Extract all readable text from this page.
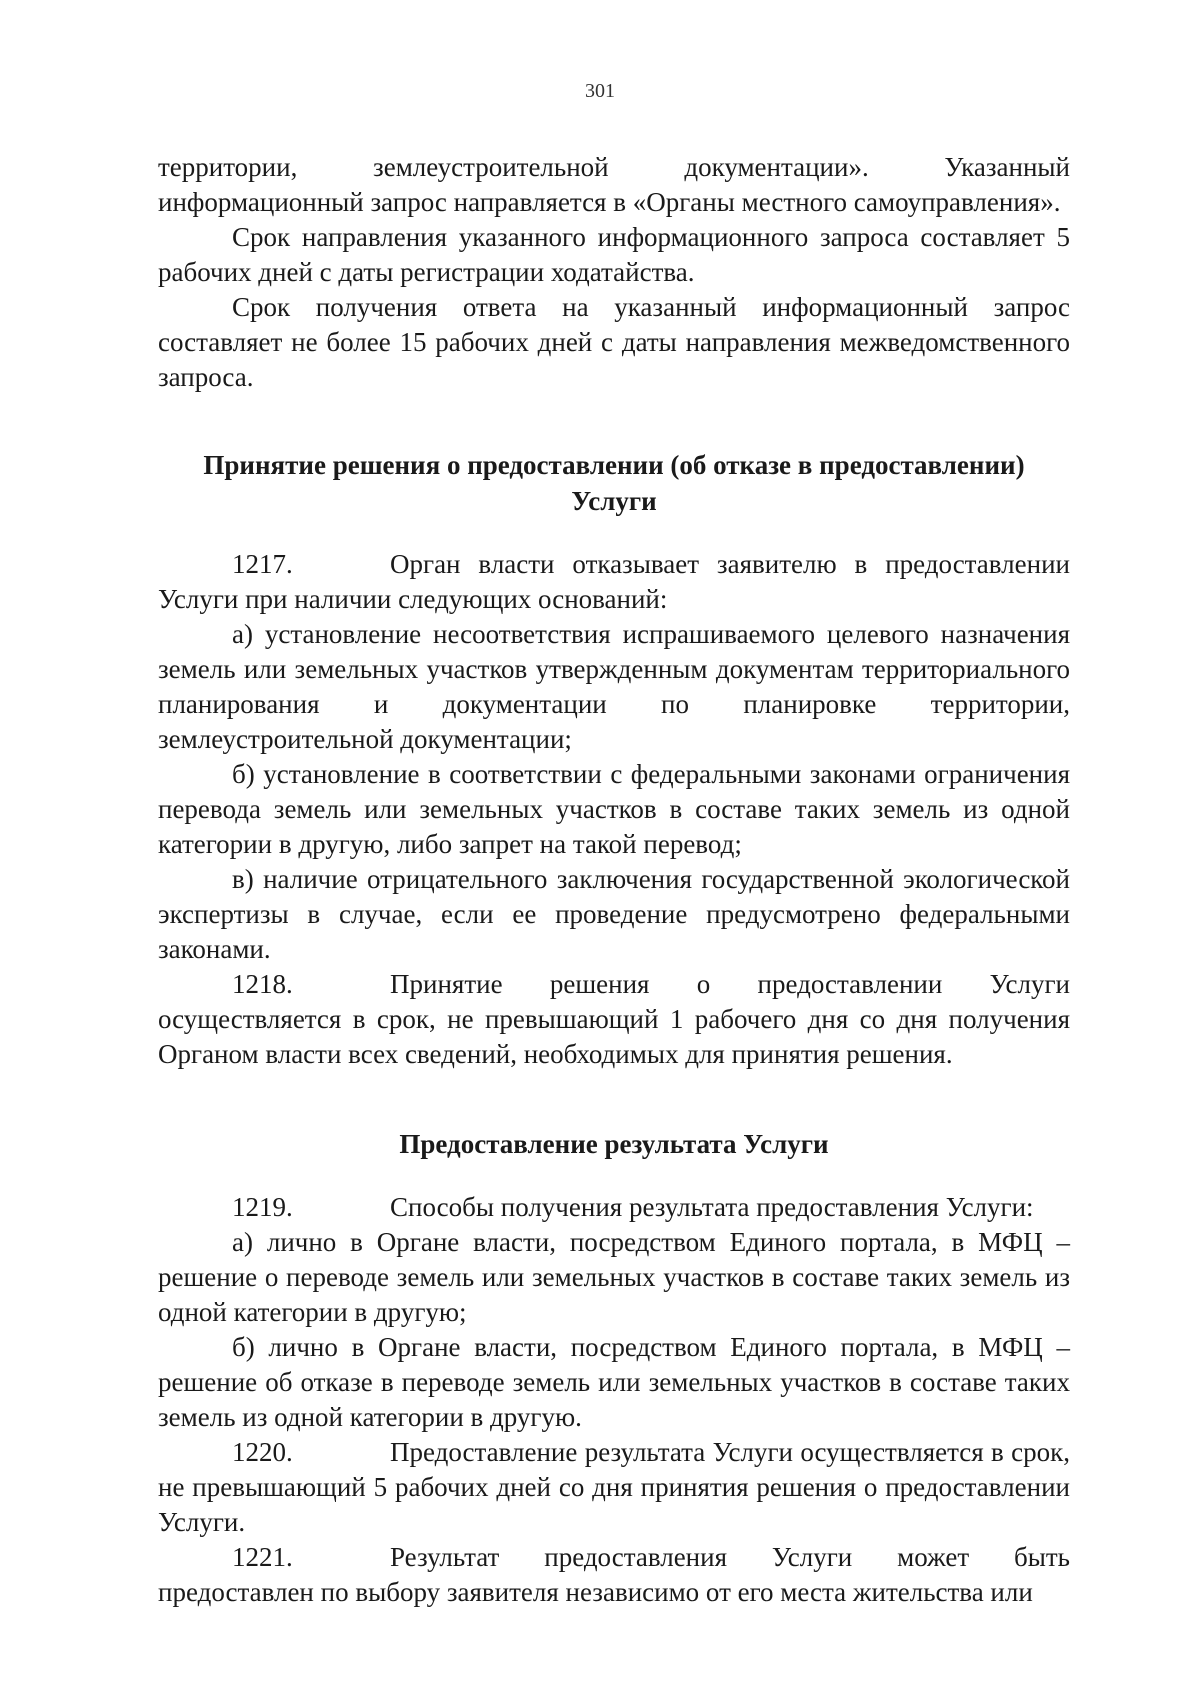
301

территории, землеустроительной документации». Указанный информационный запрос направляется в «Органы местного самоуправления».

Срок направления указанного информационного запроса составляет 5 рабочих дней с даты регистрации ходатайства.

Срок получения ответа на указанный информационный запрос составляет не более 15 рабочих дней с даты направления межведомственного запроса.

Принятие решения о предоставлении (об отказе в предоставлении) Услуги

1217.	Орган власти отказывает заявителю в предоставлении Услуги при наличии следующих оснований:

а) установление несоответствия испрашиваемого целевого назначения земель или земельных участков утвержденным документам территориального планирования и документации по планировке территории, землеустроительной документации;

б) установление в соответствии с федеральными законами ограничения перевода земель или земельных участков в составе таких земель из одной категории в другую, либо запрет на такой перевод;

в) наличие отрицательного заключения государственной экологической экспертизы в случае, если ее проведение предусмотрено федеральными законами.

1218.	Принятие решения о предоставлении Услуги осуществляется в срок, не превышающий 1 рабочего дня со дня получения Органом власти всех сведений, необходимых для принятия решения.

Предоставление результата Услуги

1219.	Способы получения результата предоставления Услуги:

а) лично в Органе власти, посредством Единого портала, в МФЦ – решение о переводе земель или земельных участков в составе таких земель из одной категории в другую;

б) лично в Органе власти, посредством Единого портала, в МФЦ – решение об отказе в переводе земель или земельных участков в составе таких земель из одной категории в другую.

1220.	Предоставление результата Услуги осуществляется в срок, не превышающий 5 рабочих дней со дня принятия решения о предоставлении Услуги.

1221.	Результат предоставления Услуги может быть предоставлен по выбору заявителя независимо от его места жительства или
